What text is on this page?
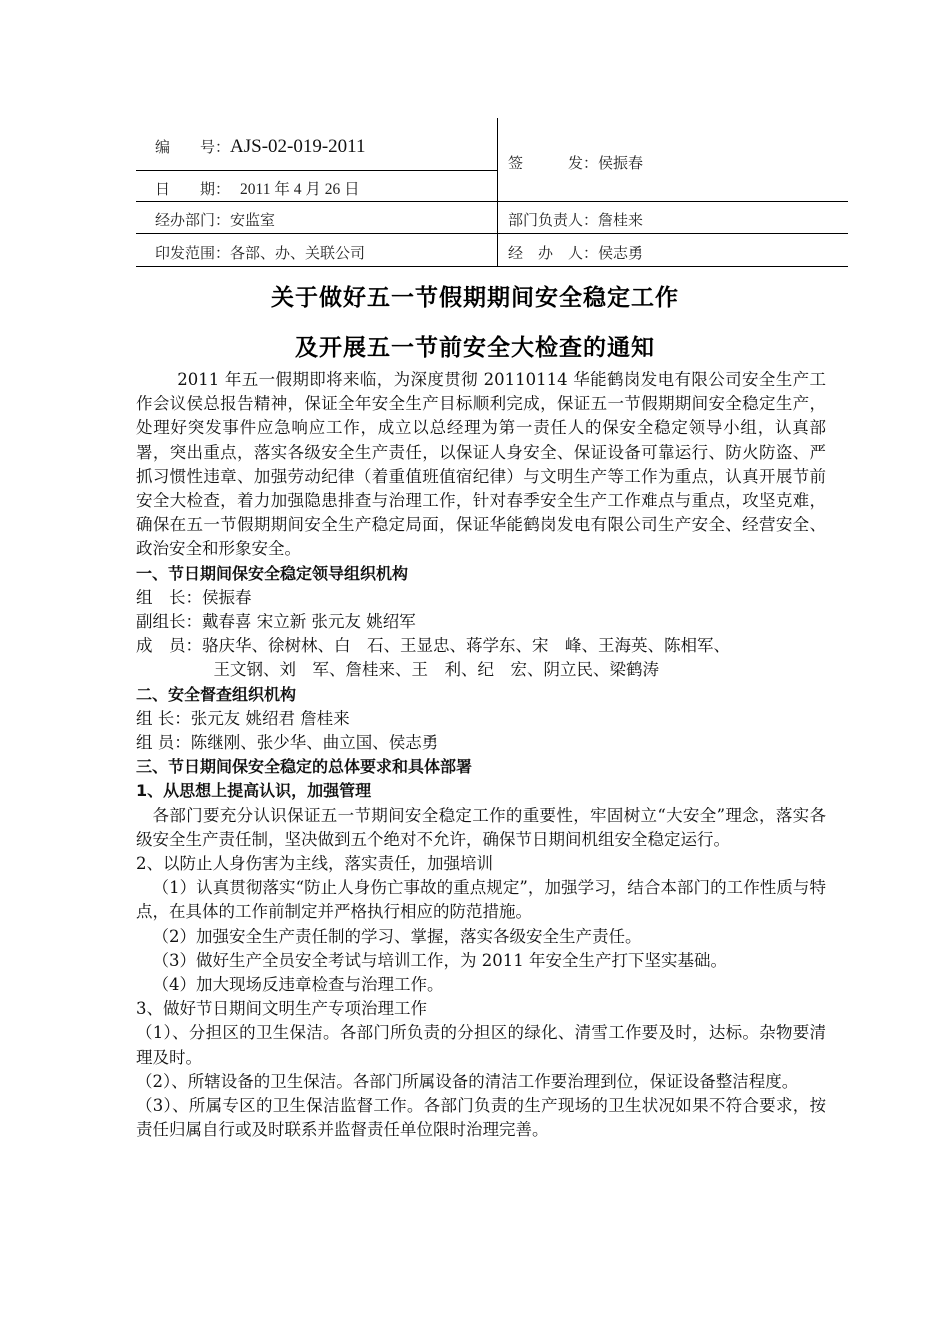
编　　号：AJS-02-019-2011
签　　　发：侯振春
日　　期： 2011 年 4 月 26 日
经办部门：安监室	部门负责人：詹桂来
印发范围：各部、办、关联公司	经　办　人：侯志勇
关于做好五一节假期期间安全稳定工作
及开展五一节前安全大检查的通知

2011 年五一假期即将来临，为深度贯彻 20110114 华能鹤岗发电有限公司安全生产工作会议侯总报告精神，保证全年安全生产目标顺利完成，保证五一节假期期间安全稳定生产，处理好突发事件应急响应工作，成立以总经理为第一责任人的保安全稳定领导小组，认真部署，突出重点，落实各级安全生产责任，以保证人身安全、保证设备可靠运行、防火防盗、严抓习惯性违章、加强劳动纪律（着重值班值宿纪律）与文明生产等工作为重点，认真开展节前安全大检查，着力加强隐患排查与治理工作，针对春季安全生产工作难点与重点，攻坚克难，确保在五一节假期期间安全生产稳定局面，保证华能鹤岗发电有限公司生产安全、经营安全、政治安全和形象安全。

一、节日期间保安全稳定领导组织机构

组　长：侯振春

副组长：戴春喜 宋立新 张元友 姚绍军

成　员：骆庆华、徐树林、白　石、王显忠、蒋学东、宋　峰、王海英、陈相军、

王文钢、刘　军、詹桂来、王　利、纪　宏、阴立民、梁鹤涛

二、安全督查组织机构

组 长：张元友 姚绍君 詹桂来

组 员：陈继刚、张少华、曲立国、侯志勇

三、节日期间保安全稳定的总体要求和具体部署

1、从思想上提高认识，加强管理

各部门要充分认识保证五一节期间安全稳定工作的重要性，牢固树立“大安全”理念，落实各级安全生产责任制，坚决做到五个绝对不允许，确保节日期间机组安全稳定运行。

2、以防止人身伤害为主线，落实责任，加强培训

（1）认真贯彻落实“防止人身伤亡事故的重点规定”，加强学习，结合本部门的工作性质与特点，在具体的工作前制定并严格执行相应的防范措施。

（2）加强安全生产责任制的学习、掌握，落实各级安全生产责任。

（3）做好生产全员安全考试与培训工作，为 2011 年安全生产打下坚实基础。

（4）加大现场反违章检查与治理工作。

3、做好节日期间文明生产专项治理工作

（1）、分担区的卫生保洁。各部门所负责的分担区的绿化、清雪工作要及时，达标。杂物要清理及时。

（2）、所辖设备的卫生保洁。各部门所属设备的清洁工作要治理到位，保证设备整洁程度。

（3）、所属专区的卫生保洁监督工作。各部门负责的生产现场的卫生状况如果不符合要求，按责任归属自行或及时联系并监督责任单位限时治理完善。
